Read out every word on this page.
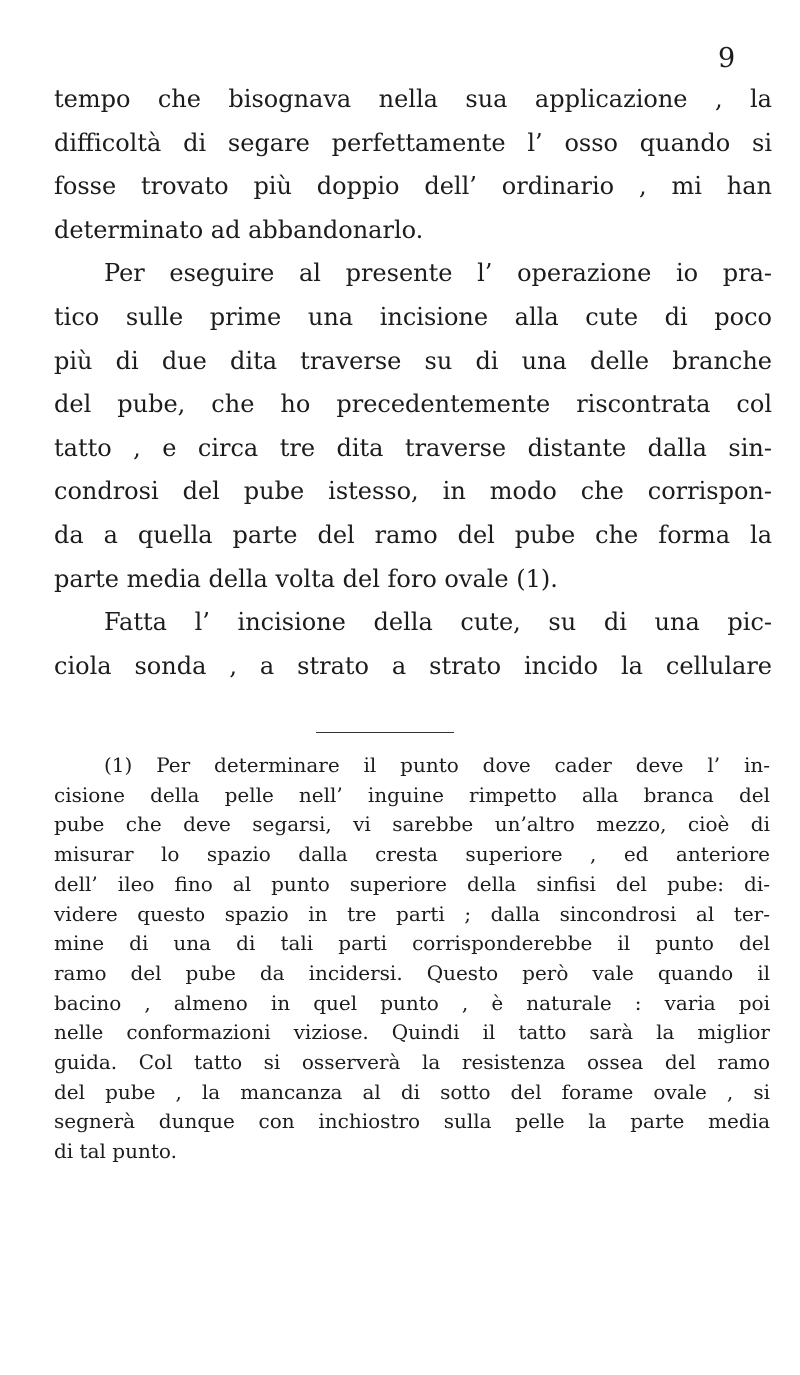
9
tempo che bisognava nella sua applicazione , la
difficoltà di segare perfettamente l’ osso quando si
fosse trovato più doppio dell’ ordinario , mi han
determinato ad abbandonarlo.
Per eseguire al presente l’ operazione io pra-
tico sulle prime una incisione alla cute di poco
più di due dita traverse su di una delle branche
del pube, che ho precedentemente riscontrata col
tatto , e circa tre dita traverse distante dalla sin-
condrosi del pube istesso, in modo che corrispon-
da a quella parte del ramo del pube che forma la
parte media della volta del foro ovale (1).
Fatta l’ incisione della cute, su di una pic-
ciola sonda , a strato a strato incido la cellulare
(1) Per determinare il punto dove cader deve l’ in-
cisione della pelle nell’ inguine rimpetto alla branca del
pube che deve segarsi, vi sarebbe un’altro mezzo, cioè di
misurar lo spazio dalla cresta superiore , ed anteriore
dell’ ileo fino al punto superiore della sinfisi del pube: di-
videre questo spazio in tre parti ; dalla sincondrosi al ter-
mine di una di tali parti corrisponderebbe il punto del
ramo del pube da incidersi. Questo però vale quando il
bacino , almeno in quel punto , è naturale : varia poi
nelle conformazioni viziose. Quindi il tatto sarà la miglior
guida. Col tatto si osserverà la resistenza ossea del ramo
del pube , la mancanza al di sotto del forame ovale , si
segnerà dunque con inchiostro sulla pelle la parte media
di tal punto.
